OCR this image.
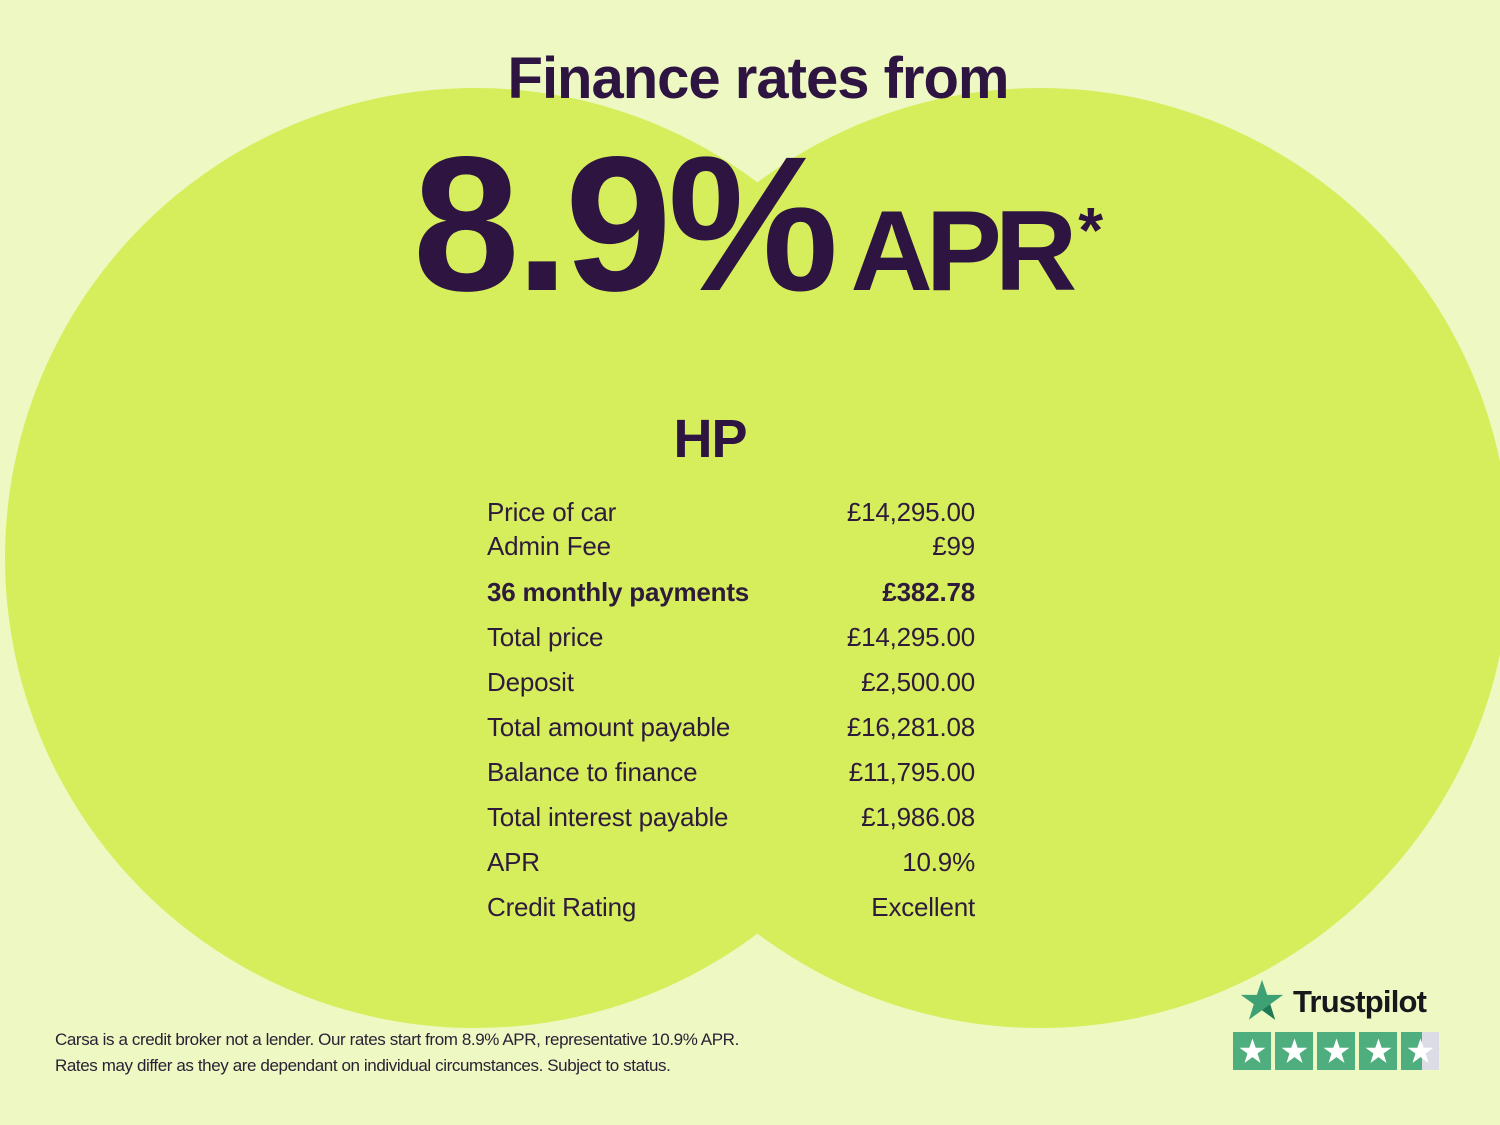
Finance rates from
8.9% APR *
HP
Price of car	£14,295.00
Admin Fee	£99
36 monthly payments	£382.78
Total price	£14,295.00
Deposit	£2,500.00
Total amount payable	£16,281.08
Balance to finance	£11,795.00
Total interest payable	£1,986.08
APR	10.9%
Credit Rating	Excellent
Carsa is a credit broker not a lender. Our rates start from 8.9% APR, representative 10.9% APR.
Rates may differ as they are dependant on individual circumstances. Subject to status.
Trustpilot
